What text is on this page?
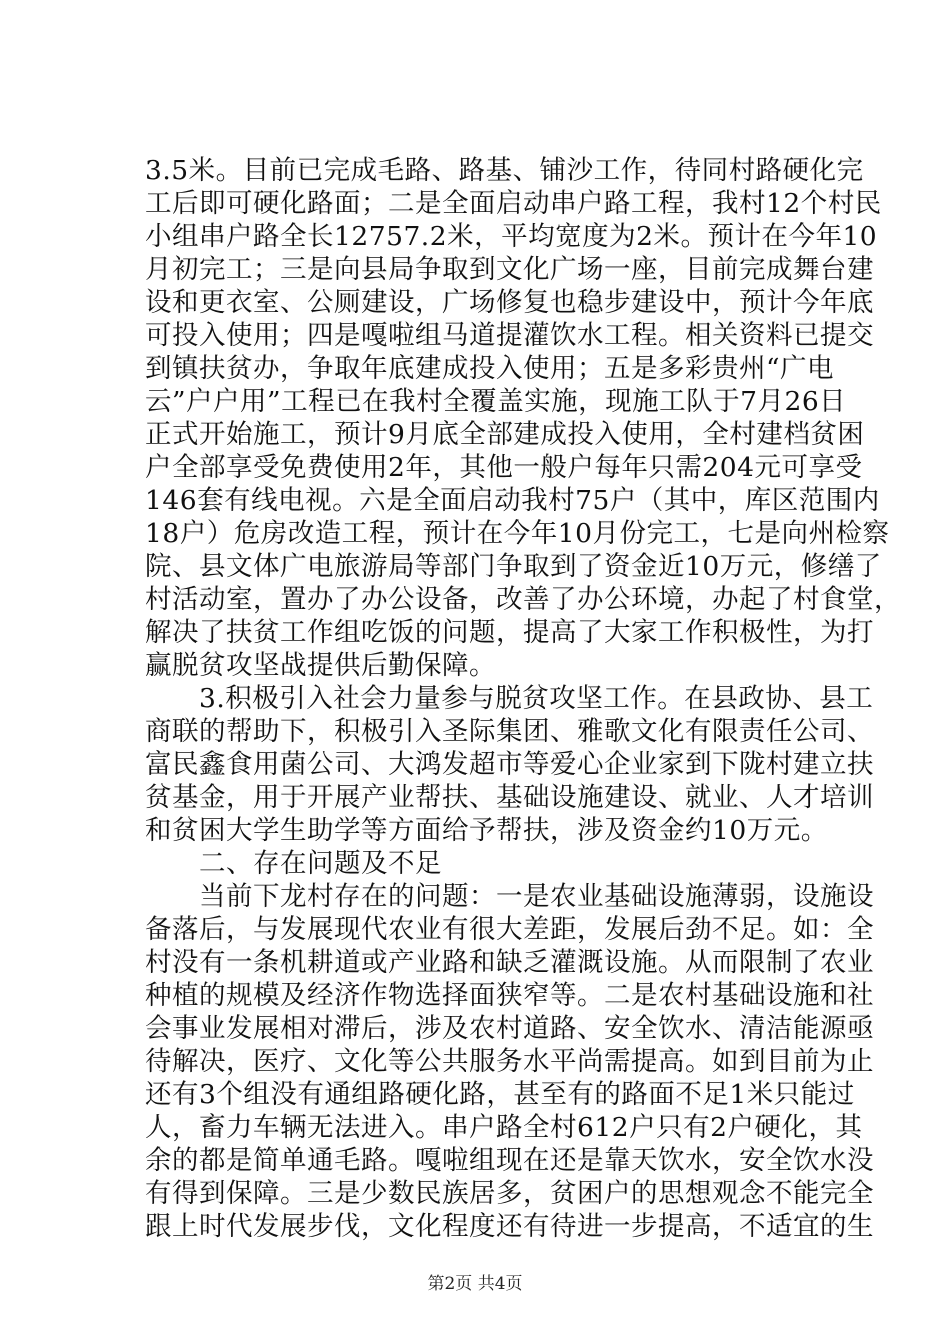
3.5米。目前已完成毛路、路基、铺沙工作，待同村路硬化完
工后即可硬化路面；二是全面启动串户路工程，我村12个村民
小组串户路全长12757.2米，平均宽度为2米。预计在今年10
月初完工；三是向县局争取到文化广场一座，目前完成舞台建
设和更衣室、公厕建设，广场修复也稳步建设中，预计今年底
可投入使用；四是嘎啦组马道提灌饮水工程。相关资料已提交
到镇扶贫办，争取年底建成投入使用；五是多彩贵州“广电
云”户户用”工程已在我村全覆盖实施，现施工队于7月26日
正式开始施工，预计9月底全部建成投入使用，全村建档贫困
户全部享受免费使用2年，其他一般户每年只需204元可享受
146套有线电视。六是全面启动我村75户（其中，库区范围内
18户）危房改造工程，预计在今年10月份完工，七是向州检察
院、县文体广电旅游局等部门争取到了资金近10万元，修缮了
村活动室，置办了办公设备，改善了办公环境，办起了村食堂，
解决了扶贫工作组吃饭的问题，提高了大家工作积极性，为打
赢脱贫攻坚战提供后勤保障。
　　3.积极引入社会力量参与脱贫攻坚工作。在县政协、县工
商联的帮助下，积极引入圣际集团、雅歌文化有限责任公司、
富民鑫食用菌公司、大鸿发超市等爱心企业家到下陇村建立扶
贫基金，用于开展产业帮扶、基础设施建设、就业、人才培训
和贫困大学生助学等方面给予帮扶，涉及资金约10万元。
　　二、存在问题及不足
　　当前下龙村存在的问题：一是农业基础设施薄弱，设施设
备落后，与发展现代农业有很大差距，发展后劲不足。如：全
村没有一条机耕道或产业路和缺乏灌溉设施。从而限制了农业
种植的规模及经济作物选择面狭窄等。二是农村基础设施和社
会事业发展相对滞后，涉及农村道路、安全饮水、清洁能源亟
待解决，医疗、文化等公共服务水平尚需提高。如到目前为止
还有3个组没有通组路硬化路，甚至有的路面不足1米只能过
人，畜力车辆无法进入。串户路全村612户只有2户硬化，其
余的都是简单通毛路。嘎啦组现在还是靠天饮水，安全饮水没
有得到保障。三是少数民族居多，贫困户的思想观念不能完全
跟上时代发展步伐，文化程度还有待进一步提高，不适宜的生
第2页 共4页
